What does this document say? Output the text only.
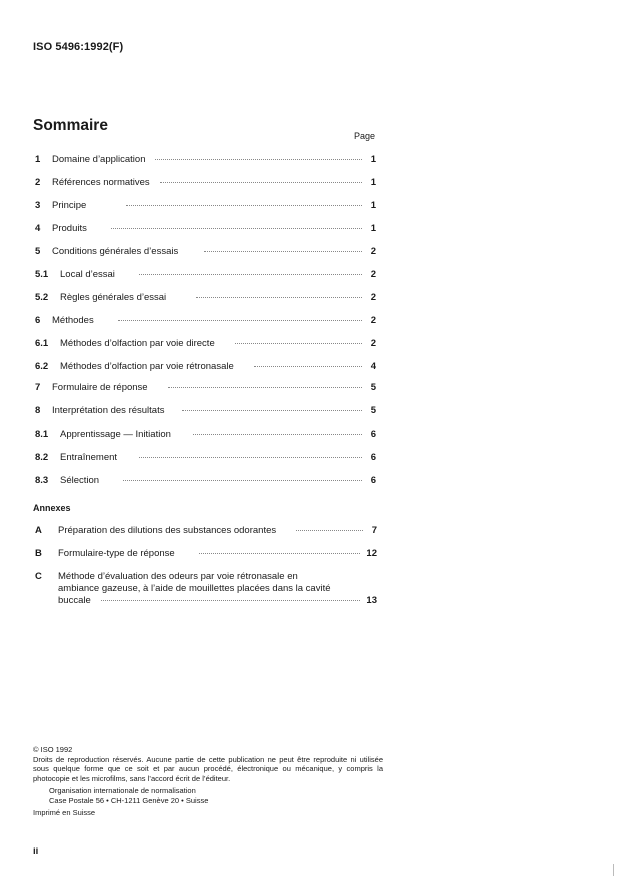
ISO 5496:1992(F)
Sommaire
Page
1	Domaine d’application	1
2	Références normatives	1
3	Principe	1
4	Produits	1
5	Conditions générales d’essais	2
5.1	Local d’essai	2
5.2	Règles générales d’essai	2
6	Méthodes	2
6.1	Méthodes d’olfaction par voie directe	2
6.2	Méthodes d’olfaction par voie rétronasale	4
7	Formulaire de réponse	5
8	Interprétation des résultats	5
8.1	Apprentissage — Initiation	6
8.2	Entraînement	6
8.3	Sélection	6
Annexes
A	Préparation des dilutions des substances odorantes	7
B	Formulaire-type de réponse	12
C	Méthode d’évaluation des odeurs par voie rétronasale en
ambiance gazeuse, à l’aide de mouillettes placées dans la cavité
buccale	13

© ISO 1992

Droits de reproduction réservés. Aucune partie de cette publication ne peut être reproduite ni utilisée sous quelque forme que ce soit et par aucun procédé, électronique ou mécanique, y compris la photocopie et les microfilms, sans l’accord écrit de l’éditeur.

Organisation internationale de normalisation

Case Postale 56 • CH-1211 Genève 20 • Suisse

Imprimé en Suisse

ii
